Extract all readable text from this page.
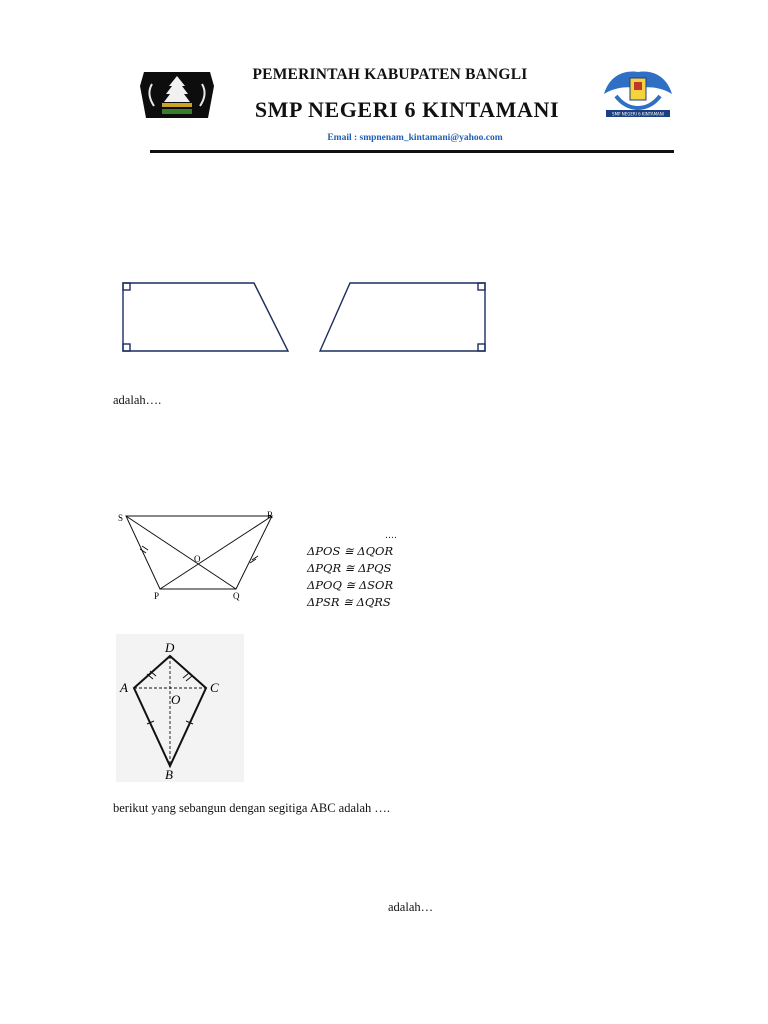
PEMERINTAH KABUPATEN BANGLI
SMP NEGERI 6 KINTAMANI	SMP NEGERI 6 KINTAMANI
Email : smpnenam_kintamani@yahoo.com
adalah….
S	R
O
P	Q
….
ΔPOS ≅ ΔQOR
ΔPQR ≅ ΔPQS
ΔPOQ ≅ ΔSOR
ΔPSR ≅ ΔQRS
D
A	C
O
B
berikut yang sebangun dengan segitiga ABC adalah ….
adalah…
